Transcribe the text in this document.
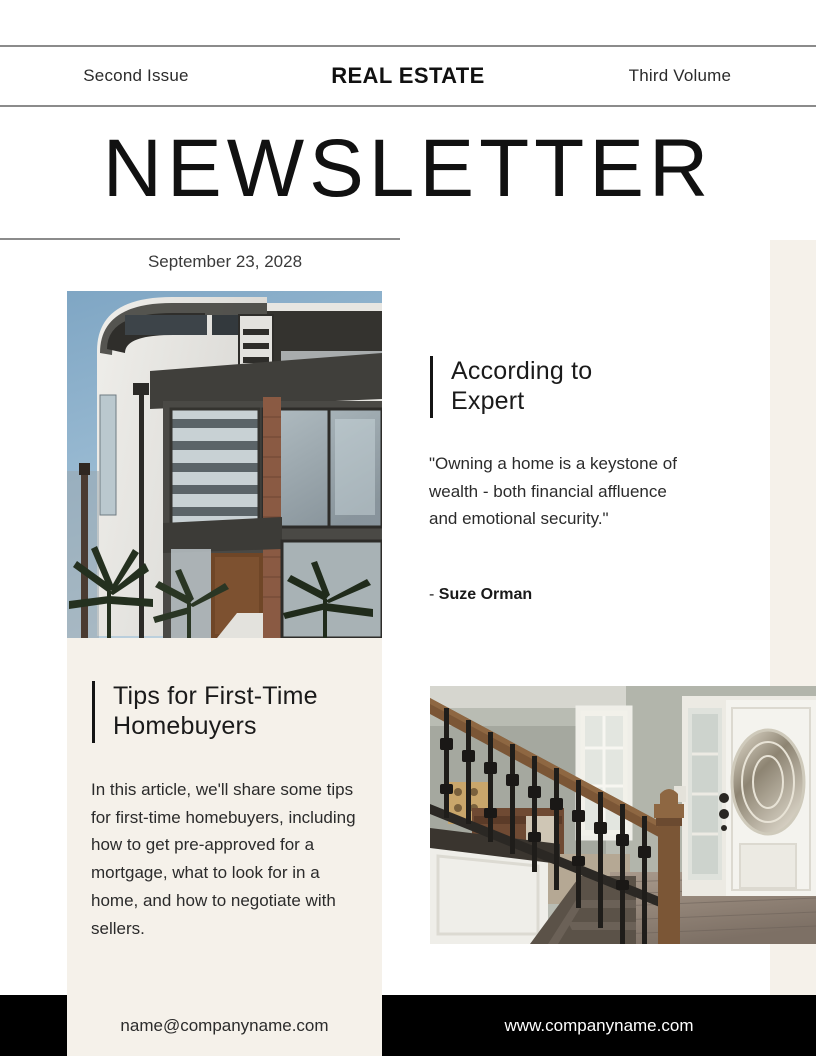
Second Issue	REAL ESTATE	Third Volume
NEWSLETTER
September 23, 2028
According to
Expert
"Owning a home is a keystone of wealth - both financial affluence and emotional security."
- Suze Orman
Tips for First-Time
Homebuyers
In this article, we'll share some tips for first-time homebuyers, including how to get pre-approved for a mortgage, what to look for in a home, and how to negotiate with sellers.
name@companyname.com	www.companyname.com
